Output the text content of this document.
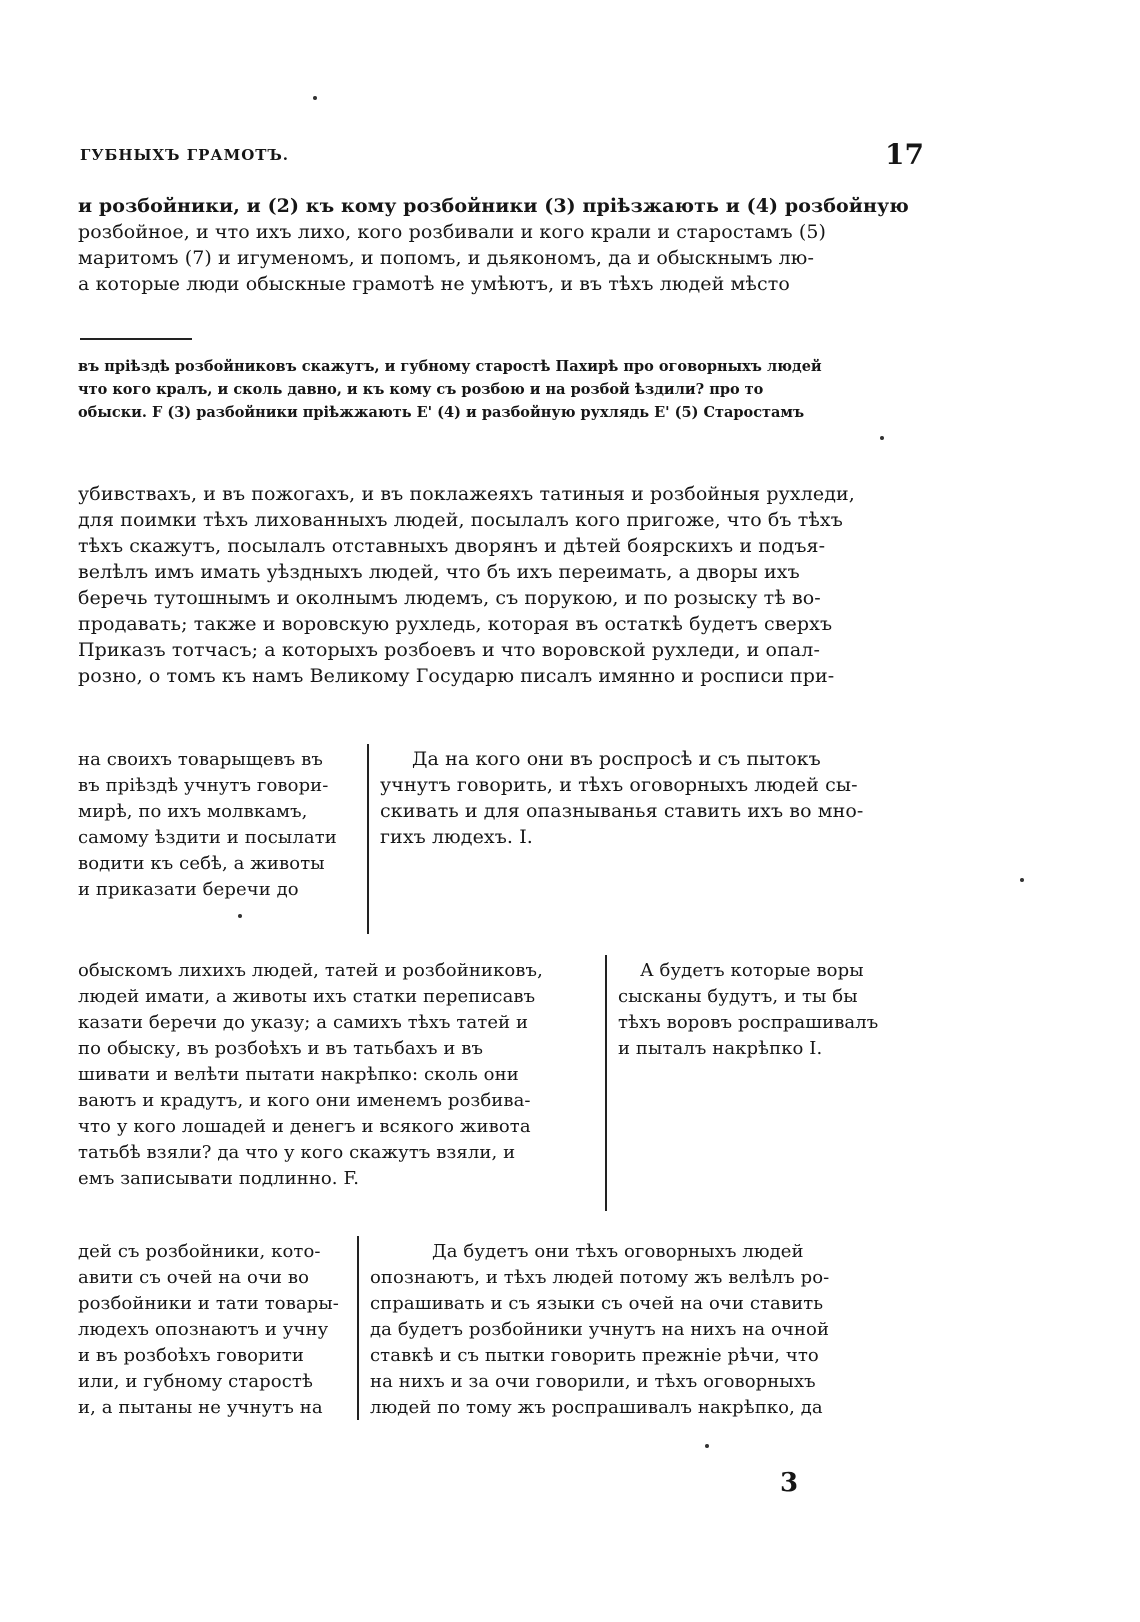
ГУБНЫХЪ ГРАМОТЪ.	17
и розбойники, и (2) къ кому розбойники (3) прiѣзжають и (4) розбойную
розбойное, и что ихъ лихо, кого розбивали и кого крали и старостамъ (5)
маритомъ (7) и игуменомъ, и попомъ, и дьякономъ, да и обыскнымъ лю-
а которые люди обыскные грамотѣ не умѣютъ, и въ тѣхъ людей мѣсто
въ прiѣздѣ розбойниковъ скажутъ, и губному старостѣ Пахирѣ про оговорныхъ людей
что кого кралъ, и сколь давно, и къ кому съ розбою и на розбой ѣздили? про то
обыски. F (3) разбойники прiѣжжають E' (4) и разбойную рухлядь E' (5) Старостамъ
убивствахъ, и въ пожогахъ, и въ поклажеяхъ татиныя и розбойныя рухледи,
для поимки тѣхъ лихованныхъ людей, посылалъ кого пригоже, что бъ тѣхъ
тѣхъ скажутъ, посылалъ отставныхъ дворянъ и дѣтей боярскихъ и подъя-
велѣлъ имъ имать уѣздныхъ людей, что бъ ихъ переимать, а дворы ихъ
беречь тутошнымъ и околнымъ людемъ, съ порукою, и по розыску тѣ во-
продавать; также и воровскую рухледь, которая въ остаткѣ будетъ сверхъ
Приказъ тотчасъ; а которыхъ розбоевъ и что воровской рухледи, и опал-
розно, о томъ къ намъ Великому Государю писалъ имянно и росписи при-
на своихъ товарыщевъ въ
въ прiѣздѣ учнутъ говори-
мирѣ, по ихъ молвкамъ,
самому ѣздити и посылати
водити къ себѣ, а животы
и приказати беречи до
Да на кого они въ роспросѣ и съ пытокъ
учнутъ говорить, и тѣхъ оговорныхъ людей сы-
скивать и для опазныванья ставить ихъ во мно-
гихъ людехъ. I.
обыскомъ лихихъ людей, татей и розбойниковъ,
людей имати, а животы ихъ статки переписавъ
казати беречи до указу; а самихъ тѣхъ татей и
по обыску, въ розбоѣхъ и въ татьбахъ и въ
шивати и велѣти пытати накрѣпко: сколь они
ваютъ и крадутъ, и кого они именемъ розбива-
что у кого лошадей и денегъ и всякого живота
татьбѣ взяли? да что у кого скажутъ взяли, и
емъ записывати подлинно. F.
А будетъ которые воры
сысканы будутъ, и ты бы
тѣхъ воровъ роспрашивалъ
и пыталъ накрѣпко I.
дей съ розбойники, кото-
авити съ очей на очи во
розбойники и тати товары-
людехъ опознаютъ и учну
и въ розбоѣхъ говорити
или, и губному старостѣ
и, а пытаны не учнутъ на
Да будетъ они тѣхъ оговорныхъ людей
опознаютъ, и тѣхъ людей потому жъ велѣлъ ро-
спрашивать и съ языки съ очей на очи ставить
да будетъ розбойники учнутъ на нихъ на очной
ставкѣ и съ пытки говорить прежнiе рѣчи, что
на нихъ и за очи говорили, и тѣхъ оговорныхъ
людей по тому жъ роспрашивалъ накрѣпко, да
3
